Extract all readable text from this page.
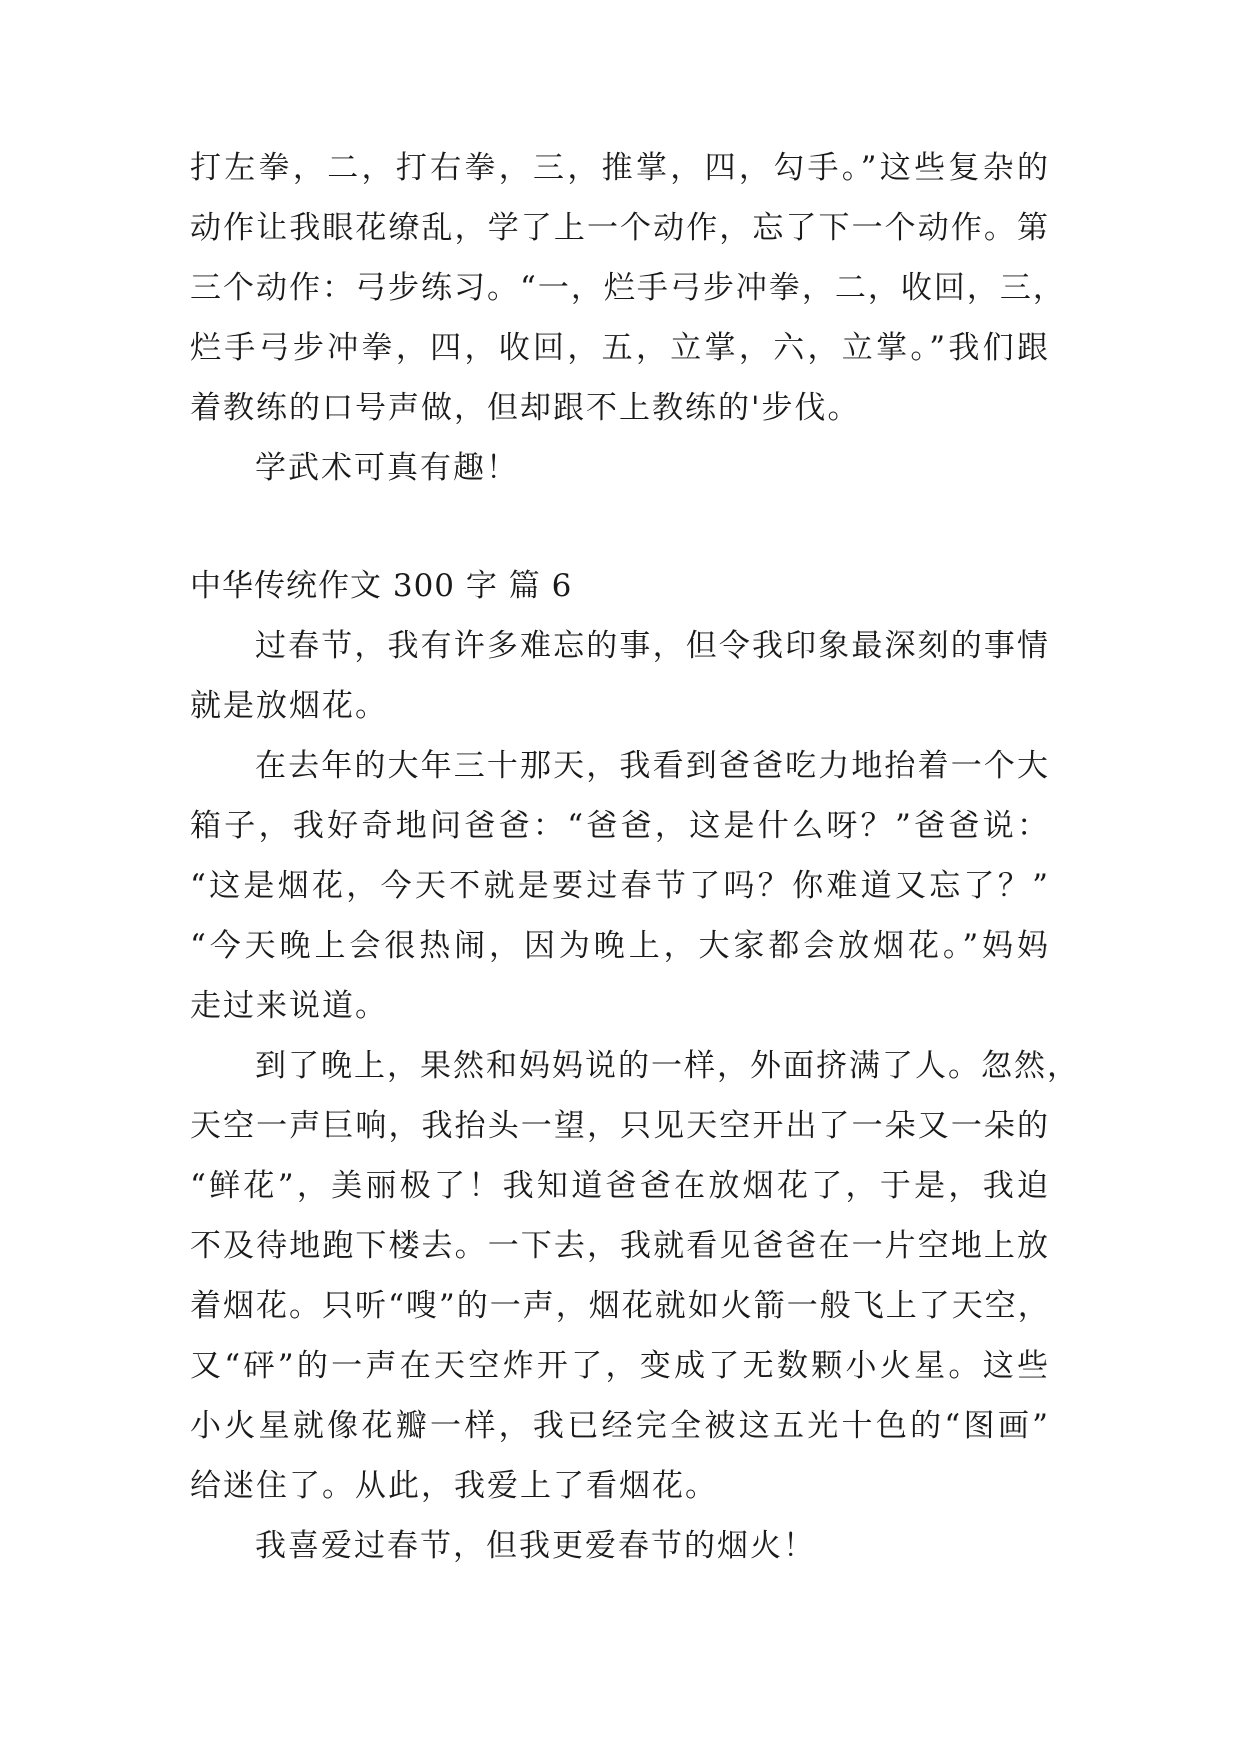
打左拳，二，打右拳，三，推掌，四，勾手。”这些复杂的

动作让我眼花缭乱，学了上一个动作，忘了下一个动作。第

三个动作：弓步练习。“一，烂手弓步冲拳，二，收回，三，

烂手弓步冲拳，四，收回，五，立掌，六，立掌。”我们跟

着教练的口号声做，但却跟不上教练的'步伐。

学武术可真有趣！

中华传统作文 300 字 篇 6

过春节，我有许多难忘的事，但令我印象最深刻的事情

就是放烟花。

在去年的大年三十那天，我看到爸爸吃力地抬着一个大

箱子，我好奇地问爸爸：“爸爸，这是什么呀？”爸爸说：

“这是烟花，今天不就是要过春节了吗？你难道又忘了？”

“今天晚上会很热闹，因为晚上，大家都会放烟花。”妈妈

走过来说道。

到了晚上，果然和妈妈说的一样，外面挤满了人。忽然，

天空一声巨响，我抬头一望，只见天空开出了一朵又一朵的

“鲜花”，美丽极了！我知道爸爸在放烟花了，于是，我迫

不及待地跑下楼去。一下去，我就看见爸爸在一片空地上放

着烟花。只听“嗖”的一声，烟花就如火箭一般飞上了天空，

又“砰”的一声在天空炸开了，变成了无数颗小火星。这些

小火星就像花瓣一样，我已经完全被这五光十色的“图画”

给迷住了。从此，我爱上了看烟花。

我喜爱过春节，但我更爱春节的烟火！
